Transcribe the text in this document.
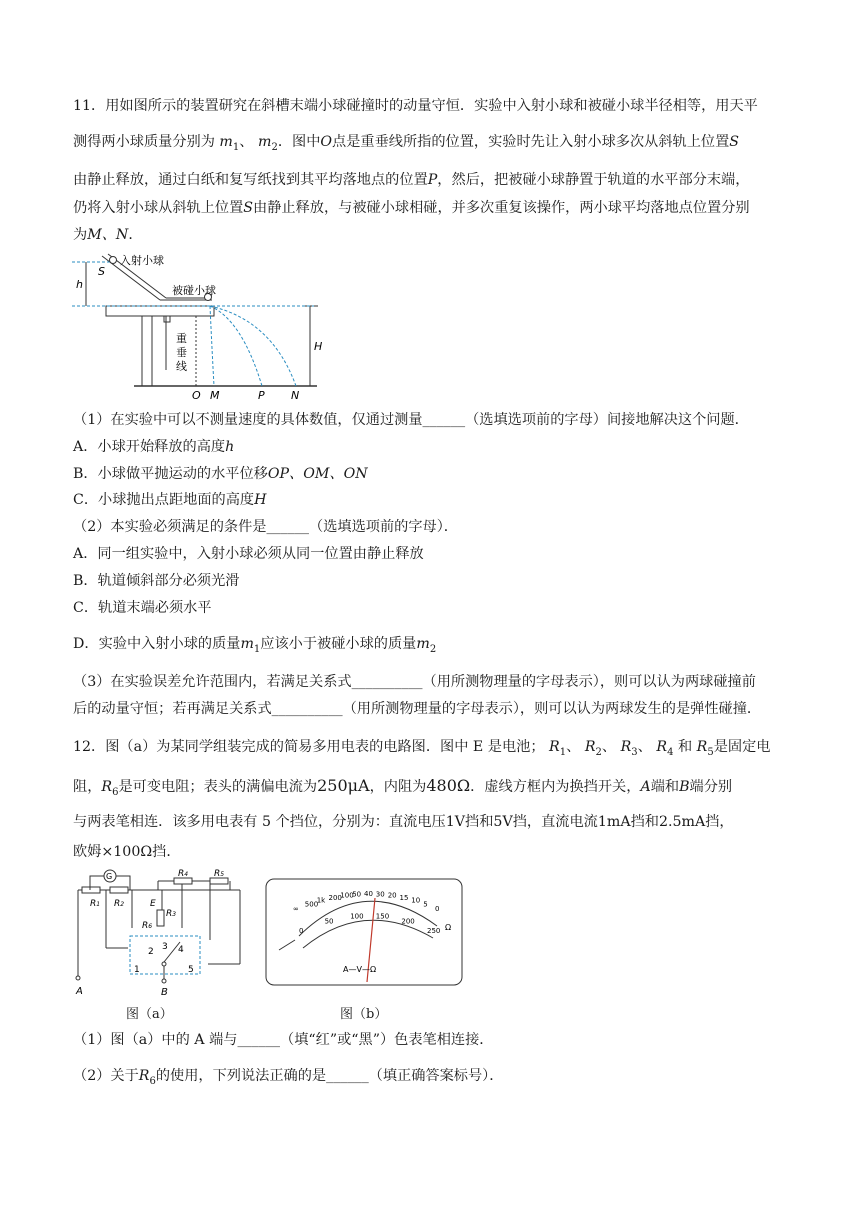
11．用如图所示的装置研究在斜槽末端小球碰撞时的动量守恒．实验中入射小球和被碰小球半径相等，用天平
测得两小球质量分别为 $m_1$、 $m_2$．图中O点是重垂线所指的位置，实验时先让入射小球多次从斜轨上位置S
由静止释放，通过白纸和复写纸找到其平均落地点的位置P，然后，把被碰小球静置于轨道的水平部分末端，
仍将入射小球从斜轨上位置S由静止释放，与被碰小球相碰，并多次重复该操作，两小球平均落地点位置分别
为M、N．
入射小球
被碰小球
S
h
H
重
垂
线
O M	P N
（1）在实验中可以不测量速度的具体数值，仅通过测量______（选填选项前的字母）间接地解决这个问题．
A．小球开始释放的高度h
B．小球做平抛运动的水平位移OP、OM、ON
C．小球抛出点距地面的高度H
（2）本实验必须满足的条件是______（选填选项前的字母）．
A．同一组实验中，入射小球必须从同一位置由静止释放
B．轨道倾斜部分必须光滑
C．轨道末端必须水平
D．实验中入射小球的质量$m_1$应该小于被碰小球的质量$m_2$
（3）在实验误差允许范围内，若满足关系式__________（用所测物理量的字母表示），则可以认为两球碰撞前
后的动量守恒；若再满足关系式__________（用所测物理量的字母表示），则可以认为两球发生的是弹性碰撞．
12．图（a）为某同学组装完成的简易多用电表的电路图．图中 E 是电池； $R_1$、 $R_2$、 $R_3$、 $R_4$ 和 $R_5$是固定电
阻，$R_6$是可变电阻；表头的满偏电流为250μA，内阻为480Ω．虚线方框内为换挡开关，A端和B端分别
与两表笔相连．该多用电表有 5 个挡位，分别为：直流电压1V挡和5V挡，直流电流1mA挡和2.5mA挡，
欧姆×100Ω挡．
G
A	B
R1 R2
R4	R5
R3
R6
E
2 3 4
1	5
∞
500
1k 200
100
50 40 30 20 15 10 5
0
0
50
100 150
200
250 Ω
A—V—Ω
图（a）	图（b）
（1）图（a）中的 A 端与______（填“红”或“黑”）色表笔相连接．
（2）关于$R_6$的使用，下列说法正确的是______（填正确答案标号）．
